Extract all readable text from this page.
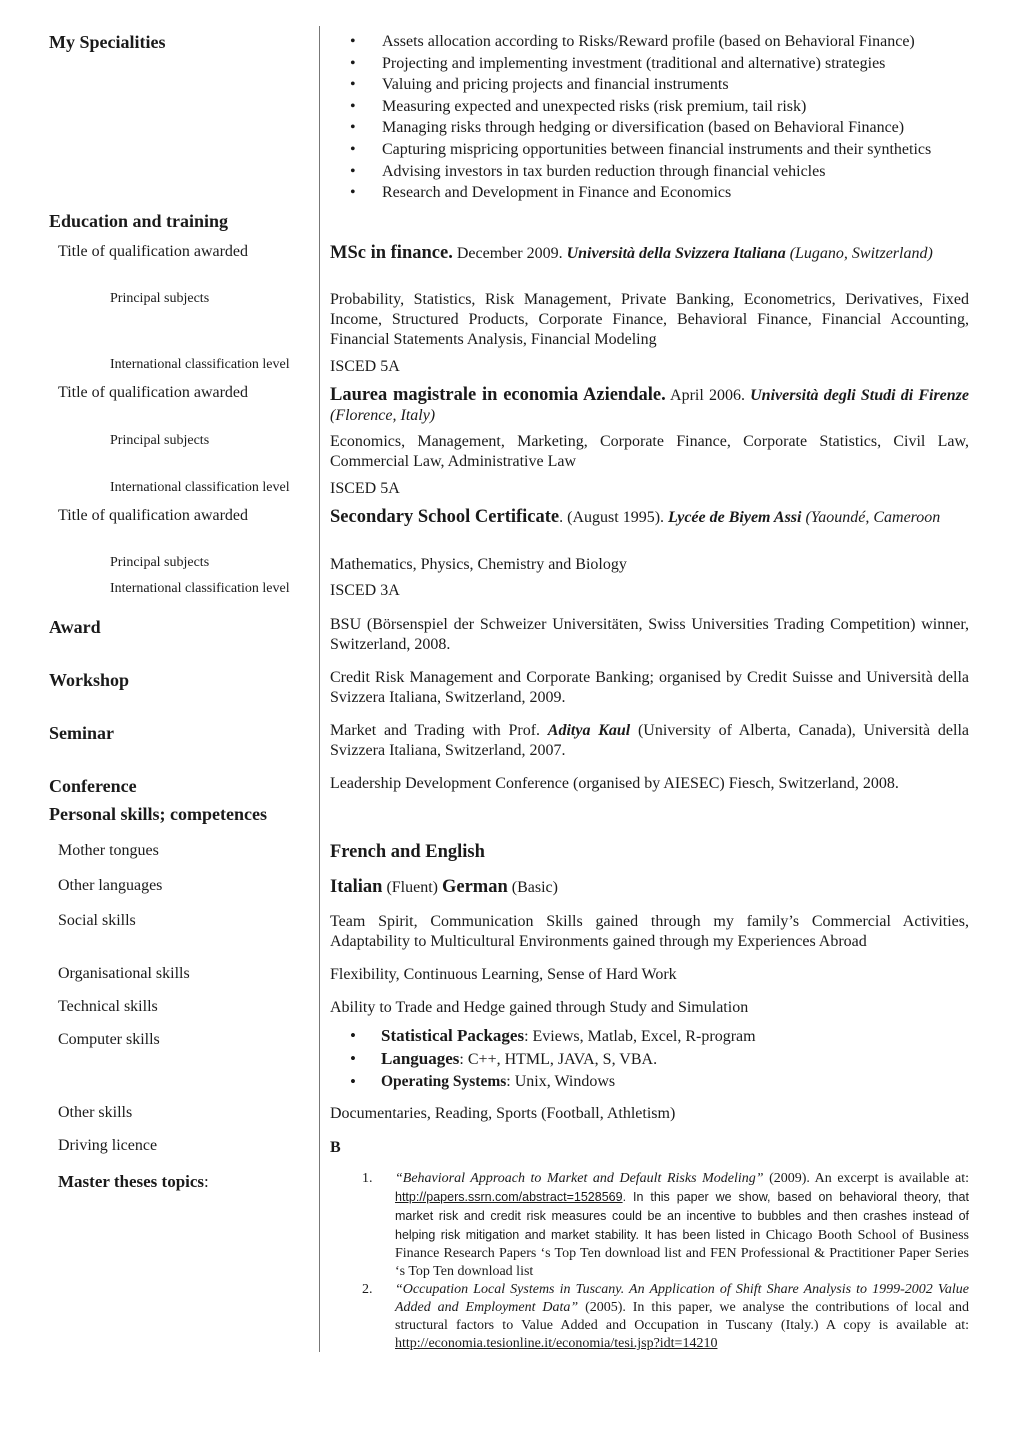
My Specialities	• Assets allocation according to Risks/Reward profile (based on Behavioral Finance)
• Projecting and implementing investment (traditional and alternative) strategies
• Valuing and pricing projects and financial instruments
• Measuring expected and unexpected risks (risk premium, tail risk)
• Managing risks through hedging or diversification (based on Behavioral Finance)
• Capturing mispricing opportunities between financial instruments and their synthetics
• Advising investors in tax burden reduction through financial vehicles
• Research and Development in Finance and Economics
Education and training
Title of qualification awarded	MSc in finance. December 2009. Università della Svizzera Italiana (Lugano, Switzerland)
Principal subjects	Probability, Statistics, Risk Management, Private Banking, Econometrics, Derivatives, Fixed Income, Structured Products, Corporate Finance, Behavioral Finance, Financial Accounting, Financial Statements Analysis, Financial Modeling
International classification level	ISCED 5A
Title of qualification awarded	Laurea magistrale in economia Aziendale. April 2006. Università degli Studi di Firenze (Florence, Italy)
Principal subjects	Economics, Management, Marketing, Corporate Finance, Corporate Statistics, Civil Law, Commercial Law, Administrative Law
International classification level	ISCED 5A
Title of qualification awarded	Secondary School Certificate. (August 1995). Lycée de Biyem Assi (Yaoundé, Cameroon
Principal subjects	Mathematics, Physics, Chemistry and Biology
International classification level	ISCED 3A
Award	BSU (Börsenspiel der Schweizer Universitäten, Swiss Universities Trading Competition) winner, Switzerland, 2008.
Workshop	Credit Risk Management and Corporate Banking; organised by Credit Suisse and Università della Svizzera Italiana, Switzerland, 2009.
Seminar	Market and Trading with Prof. Aditya Kaul (University of Alberta, Canada), Università della Svizzera Italiana, Switzerland, 2007.
Conference	Leadership Development Conference (organised by AIESEC) Fiesch, Switzerland, 2008.
Personal skills; competences
Mother tongues	French and English
Other languages	Italian (Fluent) German (Basic)
Social skills	Team Spirit, Communication Skills gained through my family’s Commercial Activities, Adaptability to Multicultural Environments gained through my Experiences Abroad
Organisational skills	Flexibility, Continuous Learning, Sense of Hard Work
Technical skills	Ability to Trade and Hedge gained through Study and Simulation
Computer skills	• Statistical Packages: Eviews, Matlab, Excel, R-program
• Languages: C++, HTML, JAVA, S, VBA.
• Operating Systems: Unix, Windows
Other skills	Documentaries, Reading, Sports (Football, Athletism)
Driving licence	B
Master theses topics:	1. “Behavioral Approach to Market and Default Risks Modeling” (2009). An excerpt is available at: http://papers.ssrn.com/abstract=1528569. In this paper we show, based on behavioral theory, that market risk and credit risk measures could be an incentive to bubbles and then crashes instead of helping risk mitigation and market stability. It has been listed in Chicago Booth School of Business Finance Research Papers ‘s Top Ten download list and FEN Professional & Practitioner Paper Series ‘s Top Ten download list
2. “Occupation Local Systems in Tuscany. An Application of Shift Share Analysis to 1999-2002 Value Added and Employment Data” (2005). In this paper, we analyse the contributions of local and structural factors to Value Added and Occupation in Tuscany (Italy.) A copy is available at: http://economia.tesionline.it/economia/tesi.jsp?idt=14210
